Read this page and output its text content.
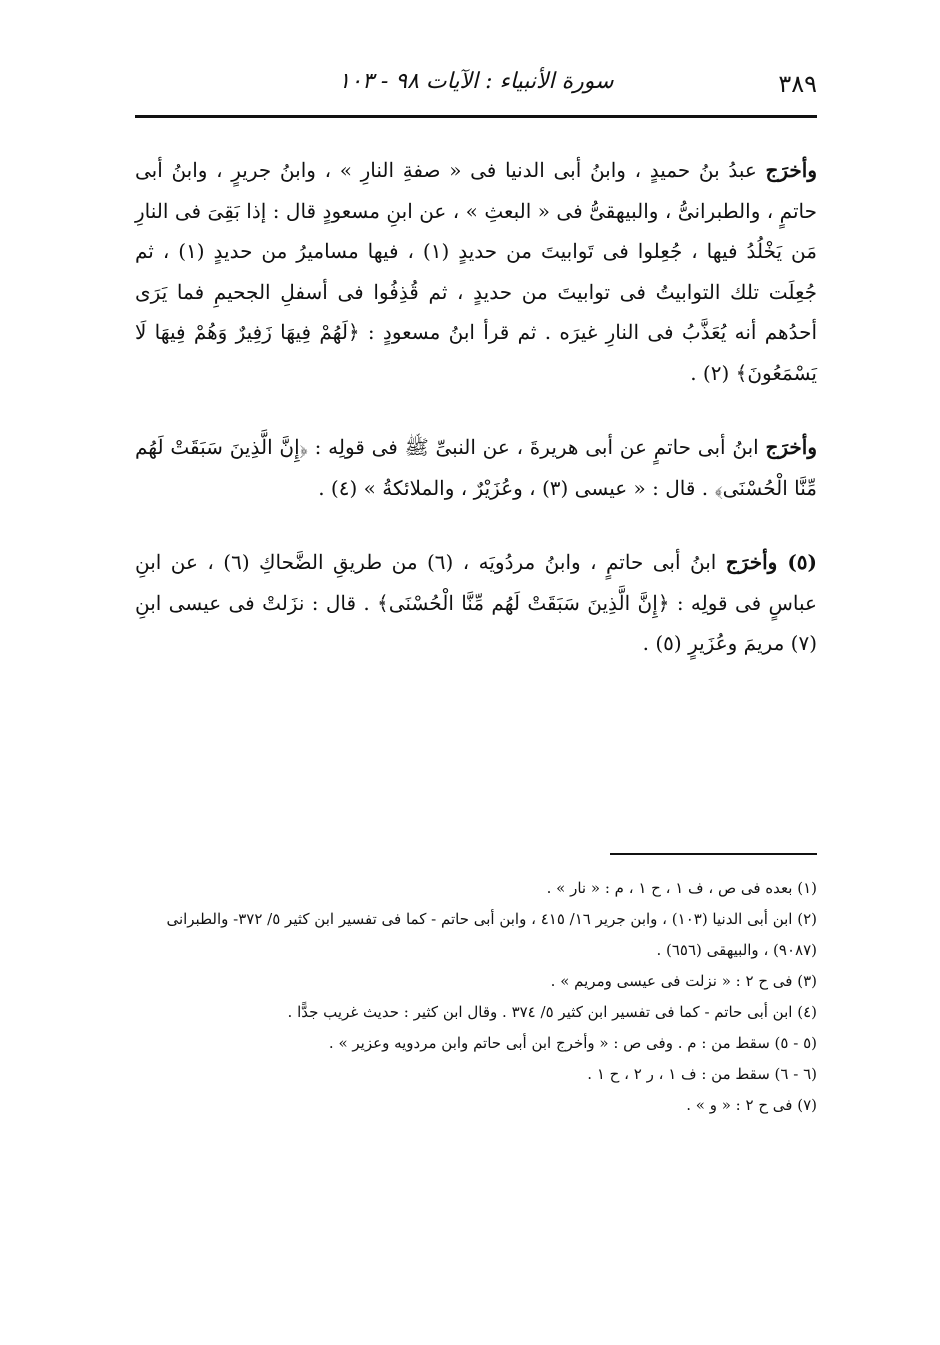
٣٨٩
سورة الأنبياء : الآيات ٩٨ - ١٠٣

وأخرَج عبدُ بنُ حميدٍ ، وابنُ أبى الدنيا فى « صفةِ النارِ » ، وابنُ جريرٍ ، وابنُ أبى حاتمٍ ، والطبرانىُّ ، والبيهقىُّ فى « البعثِ » ، عن ابنِ مسعودٍ قال : إذا بَقِىَ فى النارِ مَن يَخْلُدُ فيها ، جُعِلوا فى تَوابيتَ من حديدٍ (١) ، فيها مساميرُ من حديدٍ (١) ، ثم جُعِلَت تلك التوابيتُ فى توابيتَ من حديدٍ ، ثم قُذِفُوا فى أسفلِ الجحيمِ فما يَرَى أحدُهم أنه يُعَذَّبُ فى النارِ غيرَه . ثم قرأ ابنُ مسعودٍ : ﴿لَهُمْ فِيهَا زَفِيرٌ وَهُمْ فِيهَا لَا يَسْمَعُونَ﴾ (٢) .

وأخرَج ابنُ أبى حاتمٍ عن أبى هريرةَ ، عن النبىِّ ﷺ فى قولِه : ﴿إِنَّ الَّذِينَ سَبَقَتْ لَهُم مِّنَّا الْحُسْنَى﴾ . قال : « عيسى (٣) ، وعُزَيْرٌ ، والملائكةُ » (٤) .

(٥) وأخرَج ابنُ أبى حاتمٍ ، وابنُ مردُويَه ، (٦) من طريقِ الضَّحاكِ (٦) ، عن ابنِ عباسٍ فى قولِه : ﴿إِنَّ الَّذِينَ سَبَقَتْ لَهُم مِّنَّا الْحُسْنَى﴾ . قال : نزَلتْ فى عيسى ابنِ (٧) مريمَ وعُزَيرٍ (٥) .

(١) بعده فى ص ، ف ١ ، ح ١ ، م : « نار » .

(٢) ابن أبى الدنيا (١٠٣) ، وابن جرير ١٦/ ٤١٥ ، وابن أبى حاتم - كما فى تفسير ابن كثير ٥/ ٣٧٢- والطبرانى (٩٠٨٧) ، والبيهقى (٦٥٦) .

(٣) فى ح ٢ : « نزلت فى عيسى ومريم » .

(٤) ابن أبى حاتم - كما فى تفسير ابن كثير ٥/ ٣٧٤ . وقال ابن كثير : حديث غريب جدًّا .

(٥ - ٥) سقط من : م . وفى ص : « وأخرج ابن أبى حاتم وابن مردويه وعزير » .

(٦ - ٦) سقط من : ف ١ ، ر ٢ ، ح ١ .

(٧) فى ح ٢ : « و » .
